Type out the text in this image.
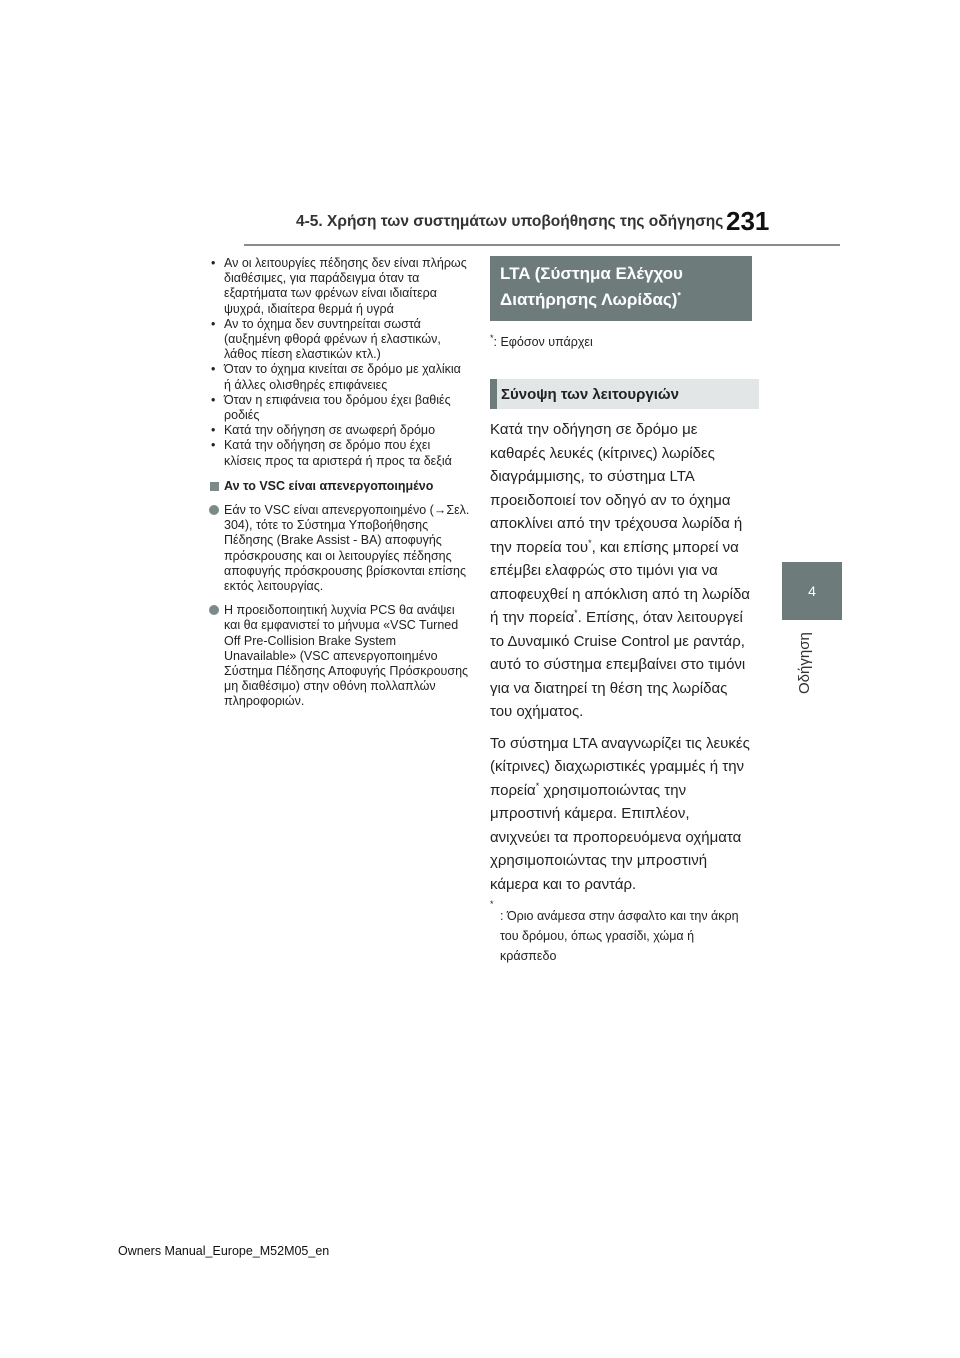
4-5. Χρήση των συστημάτων υποβοήθησης της οδήγησης 231
4
Οδήγηση
• Αν οι λειτουργίες πέδησης δεν είναι πλήρως διαθέσιμες, για παράδειγμα όταν τα εξαρτήματα των φρένων είναι ιδιαίτερα ψυχρά, ιδιαίτερα θερμά ή υγρά
• Αν το όχημα δεν συντηρείται σωστά (αυξημένη φθορά φρένων ή ελαστικών, λάθος πίεση ελαστικών κτλ.)
• Όταν το όχημα κινείται σε δρόμο με χαλίκια ή άλλες ολισθηρές επιφάνειες
• Όταν η επιφάνεια του δρόμου έχει βαθιές ροδιές
• Κατά την οδήγηση σε ανωφερή δρόμο
• Κατά την οδήγηση σε δρόμο που έχει κλίσεις προς τα αριστερά ή προς τα δεξιά
Αν το VSC είναι απενεργοποιημένο
Εάν το VSC είναι απενεργοποιημένο (→Σελ. 304), τότε το Σύστημα Υποβοήθησης Πέδησης (Brake Assist - BA) αποφυγής πρόσκρουσης και οι λειτουργίες πέδησης αποφυγής πρόσκρουσης βρίσκονται επίσης εκτός λειτουργίας.
Η προειδοποιητική λυχνία PCS θα ανάψει και θα εμφανιστεί το μήνυμα «VSC Turned Off Pre-Collision Brake System Unavailable» (VSC απενεργοποιημένο Σύστημα Πέδησης Αποφυγής Πρόσκρουσης μη διαθέσιμο) στην οθόνη πολλαπλών πληροφοριών.
LTA (Σύστημα Ελέγχου Διατήρησης Λωρίδας)*
*: Εφόσον υπάρχει
Σύνοψη των λειτουργιών
Κατά την οδήγηση σε δρόμο με καθαρές λευκές (κίτρινες) λωρίδες διαγράμμισης, το σύστημα LTA προειδοποιεί τον οδηγό αν το όχημα αποκλίνει από την τρέχουσα λωρίδα ή την πορεία του*, και επίσης μπορεί να επέμβει ελαφρώς στο τιμόνι για να αποφευχθεί η απόκλιση από τη λωρίδα ή την πορεία*. Επίσης, όταν λειτουργεί το Δυναμικό Cruise Control με ραντάρ, αυτό το σύστημα επεμβαίνει στο τιμόνι για να διατηρεί τη θέση της λωρίδας του οχήματος.
Το σύστημα LTA αναγνωρίζει τις λευκές (κίτρινες) διαχωριστικές γραμμές ή την πορεία* χρησιμοποιώντας την μπροστινή κάμερα. Επιπλέον, ανιχνεύει τα προπορευόμενα οχήματα χρησιμοποιώντας την μπροστινή κάμερα και το ραντάρ.
*
: Όριο ανάμεσα στην άσφαλτο και την άκρη του δρόμου, όπως γρασίδι, χώμα ή κράσπεδο
Owners Manual_Europe_M52M05_en
